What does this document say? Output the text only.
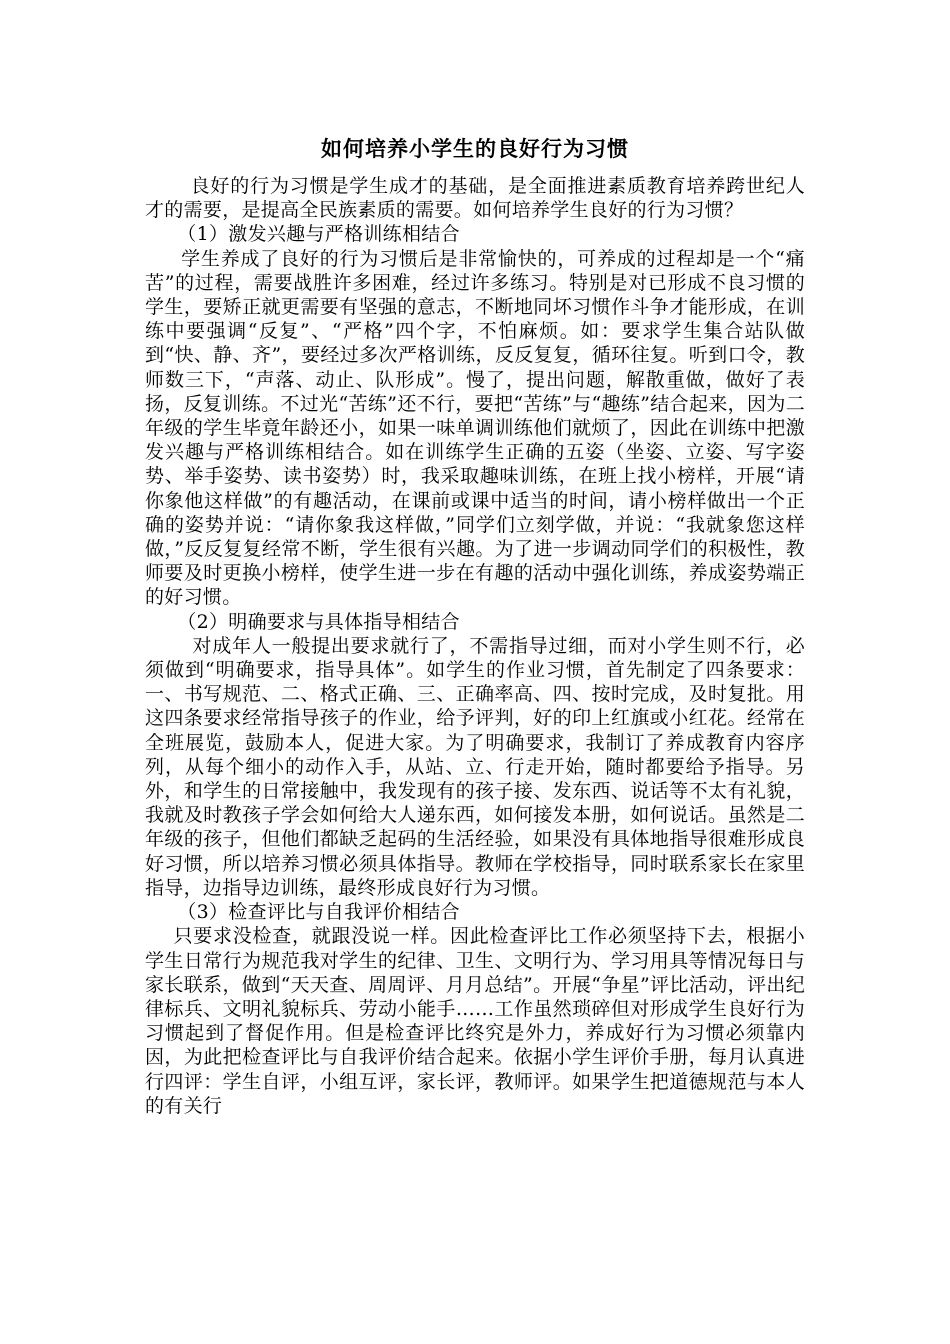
如何培养小学生的良好行为习惯

良好的行为习惯是学生成才的基础，是全面推进素质教育培养跨世纪人才的需要，是提高全民族素质的需要。如何培养学生良好的行为习惯？

（1）激发兴趣与严格训练相结合

学生养成了良好的行为习惯后是非常愉快的，可养成的过程却是一个“痛苦”的过程，需要战胜许多困难，经过许多练习。特别是对已形成不良习惯的学生，要矫正就更需要有坚强的意志，不断地同坏习惯作斗争才能形成，在训练中要强调“反复”、“严格”四个字，不怕麻烦。如：要求学生集合站队做到“快、静、齐”，要经过多次严格训练，反反复复，循环往复。听到口令，教师数三下，“声落、动止、队形成”。慢了，提出问题，解散重做，做好了表扬，反复训练。不过光“苦练”还不行，要把“苦练”与“趣练”结合起来，因为二年级的学生毕竟年龄还小，如果一味单调训练他们就烦了，因此在训练中把激发兴趣与严格训练相结合。如在训练学生正确的五姿（坐姿、立姿、写字姿势、举手姿势、读书姿势）时，我采取趣味训练，在班上找小榜样，开展“请你象他这样做”的有趣活动，在课前或课中适当的时间，请小榜样做出一个正确的姿势并说：“请你象我这样做，”同学们立刻学做，并说：“我就象您这样做，”反反复复经常不断，学生很有兴趣。为了进一步调动同学们的积极性，教师要及时更换小榜样，使学生进一步在有趣的活动中强化训练，养成姿势端正的好习惯。

（2）明确要求与具体指导相结合

对成年人一般提出要求就行了，不需指导过细，而对小学生则不行，必须做到“明确要求，指导具体”。如学生的作业习惯，首先制定了四条要求：一、书写规范、二、格式正确、三、正确率高、四、按时完成，及时复批。用这四条要求经常指导孩子的作业，给予评判，好的印上红旗或小红花。经常在全班展览，鼓励本人，促进大家。为了明确要求，我制订了养成教育内容序列，从每个细小的动作入手，从站、立、行走开始，随时都要给予指导。另外，和学生的日常接触中，我发现有的孩子接、发东西、说话等不太有礼貌，我就及时教孩子学会如何给大人递东西，如何接发本册，如何说话。虽然是二年级的孩子，但他们都缺乏起码的生活经验，如果没有具体地指导很难形成良好习惯，所以培养习惯必须具体指导。教师在学校指导，同时联系家长在家里指导，边指导边训练，最终形成良好行为习惯。

（3）检查评比与自我评价相结合

只要求没检查，就跟没说一样。因此检查评比工作必须坚持下去，根据小学生日常行为规范我对学生的纪律、卫生、文明行为、学习用具等情况每日与家长联系，做到“天天查、周周评、月月总结”。开展“争星”评比活动，评出纪律标兵、文明礼貌标兵、劳动小能手……工作虽然琐碎但对形成学生良好行为习惯起到了督促作用。但是检查评比终究是外力，养成好行为习惯必须靠内因，为此把检查评比与自我评价结合起来。依据小学生评价手册，每月认真进行四评：学生自评，小组互评，家长评，教师评。如果学生把道德规范与本人的有关行
